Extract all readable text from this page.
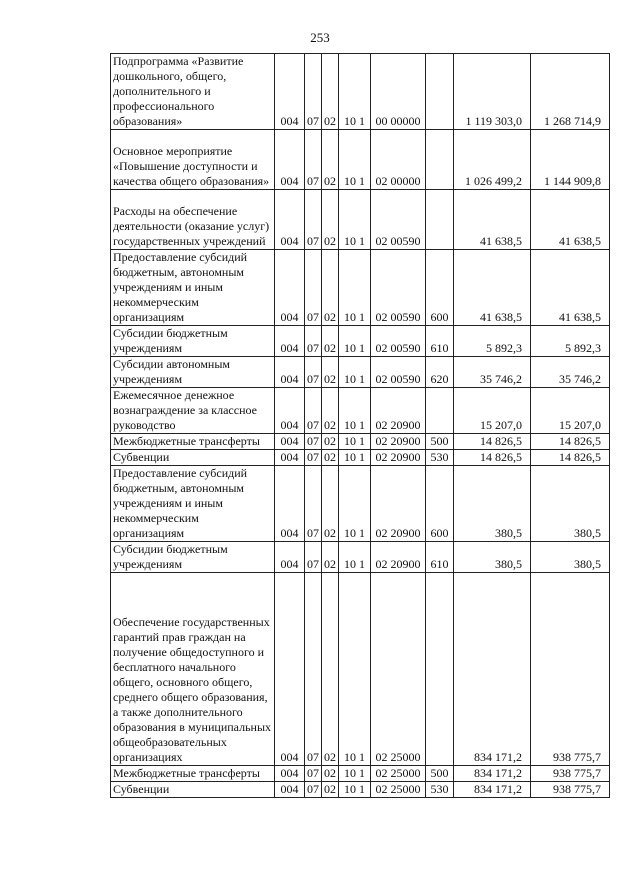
253
Подпрограмма «Развитие дошкольного, общего, дополнительного и профессионального образования»	004	07	02	10 1	00 00000		1 119 303,0	1 268 714,9
Основное мероприятие «Повышение доступности и качества общего образования»	004	07	02	10 1	02 00000		1 026 499,2	1 144 909,8
Расходы на обеспечение деятельности (оказание услуг) государственных учреждений	004	07	02	10 1	02 00590		41 638,5	41 638,5
Предоставление субсидий бюджетным, автономным учреждениям и иным некоммерческим организациям	004	07	02	10 1	02 00590	600	41 638,5	41 638,5
Субсидии бюджетным учреждениям	004	07	02	10 1	02 00590	610	5 892,3	5 892,3
Субсидии автономным учреждениям	004	07	02	10 1	02 00590	620	35 746,2	35 746,2
Ежемесячное денежное вознаграждение за классное руководство	004	07	02	10 1	02 20900		15 207,0	15 207,0
Межбюджетные трансферты	004	07	02	10 1	02 20900	500	14 826,5	14 826,5
Субвенции	004	07	02	10 1	02 20900	530	14 826,5	14 826,5
Предоставление субсидий бюджетным, автономным учреждениям и иным некоммерческим организациям	004	07	02	10 1	02 20900	600	380,5	380,5
Субсидии бюджетным учреждениям	004	07	02	10 1	02 20900	610	380,5	380,5
Обеспечение государственных гарантий прав граждан на получение общедоступного и бесплатного начального общего, основного общего, среднего общего образования, а также дополнительного образования в муниципальных общеобразовательных организациях	004	07	02	10 1	02 25000		834 171,2	938 775,7
Межбюджетные трансферты	004	07	02	10 1	02 25000	500	834 171,2	938 775,7
Субвенции	004	07	02	10 1	02 25000	530	834 171,2	938 775,7
